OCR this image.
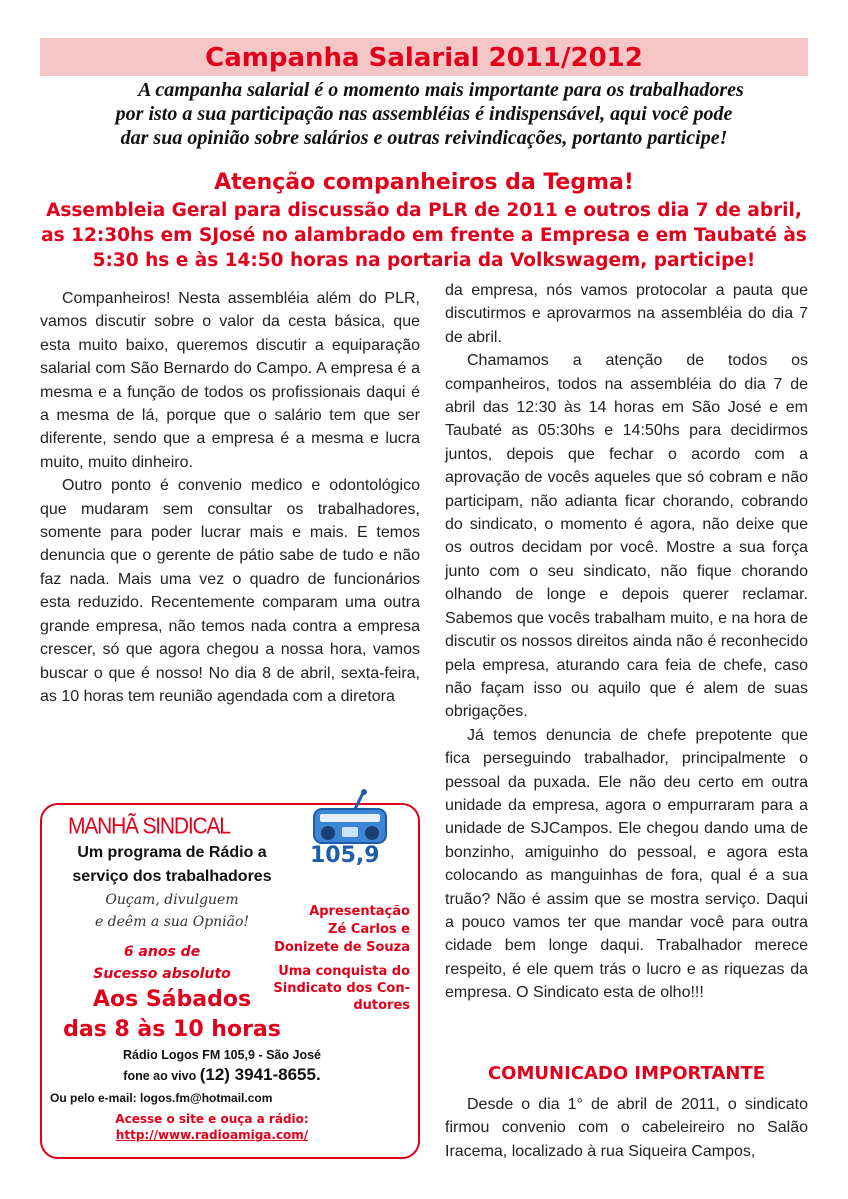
Campanha Salarial 2011/2012

A campanha salarial é o momento mais importante para os trabalhadores

por isto a sua participação nas assembléias é indispensável, aqui você pode

dar sua opinião sobre salários e outras reivindicações, portanto participe!

Atenção companheiros da Tegma!
Assembleia Geral para discussão da PLR de 2011 e outros dia 7 de abril,
as 12:30hs em SJosé no alambrado em frente a Empresa e em Taubaté às
5:30 hs e às 14:50 horas na portaria da Volkswagem, participe!

Companheiros! Nesta assembléia além do PLR, vamos discutir sobre o valor da cesta básica, que esta muito baixo, queremos discutir a equiparação salarial com São Bernardo do Campo. A empresa é a mesma e a função de todos os profissionais daqui é a mesma de lá, porque que o salário tem que ser diferente, sendo que a empresa é a mesma e lucra muito, muito dinheiro.

Outro ponto é convenio medico e odontológico que mudaram sem consultar os trabalhadores, somente para poder lucrar mais e mais. E temos denuncia que o gerente de pátio sabe de tudo e não faz nada. Mais uma vez o quadro de funcionários esta reduzido. Recentemente comparam uma outra grande empresa, não temos nada contra a empresa crescer, só que agora chegou a nossa hora, vamos buscar o que é nosso! No dia 8 de abril, sexta-feira, as 10 horas tem reunião agendada com a diretora

da empresa, nós vamos protocolar a pauta que discutirmos e aprovarmos na assembléia do dia 7 de abril.

Chamamos a atenção de todos os companheiros, todos na assembléia do dia 7 de abril das 12:30 às 14 horas em São José e em Taubaté as 05:30hs e 14:50hs para decidirmos juntos, depois que fechar o acordo com a aprovação de vocês aqueles que só cobram e não participam, não adianta ficar chorando, cobrando do sindicato, o momento é agora, não deixe que os outros decidam por você. Mostre a sua força junto com o seu sindicato, não fique chorando olhando de longe e depois querer reclamar. Sabemos que vocês trabalham muito, e na hora de discutir os nossos direitos ainda não é reconhecido pela empresa, aturando cara feia de chefe, caso não façam isso ou aquilo que é alem de suas obrigações.

Já temos denuncia de chefe prepotente que fica perseguindo trabalhador, principalmente o pessoal da puxada. Ele não deu certo em outra unidade da empresa, agora o empurraram para a unidade de SJCampos. Ele chegou dando uma de bonzinho, amiguinho do pessoal, e agora esta colocando as manguinhas de fora, qual é a sua truão? Não é assim que se mostra serviço. Daqui a pouco vamos ter que mandar você para outra cidade bem longe daqui. Trabalhador merece respeito, é ele quem trás o lucro e as riquezas da empresa. O Sindicato esta de olho!!!

MANHÃ SINDICAL
105,9
Um programa de Rádio a
serviço dos trabalhadores
Ouçam, divulguem
e deêm a sua Opnião!
6 anos de
Sucesso absoluto
Apresentação
Zé Carlos e
Donizete de Souza
Uma conquista do
Sindicato dos Con-
dutores
Aos Sábados
das 8 às 10 horas
Rádio Logos FM 105,9 - São José
fone ao vivo (12) 3941-8655.
Ou pelo e-mail: logos.fm@hotmail.com
Acesse o site e ouça a rádio:
http://www.radioamiga.com/
COMUNICADO IMPORTANTE

Desde o dia 1° de abril de 2011, o sindicato firmou convenio com o cabeleireiro no Salão Iracema, localizado à rua Siqueira Campos,
